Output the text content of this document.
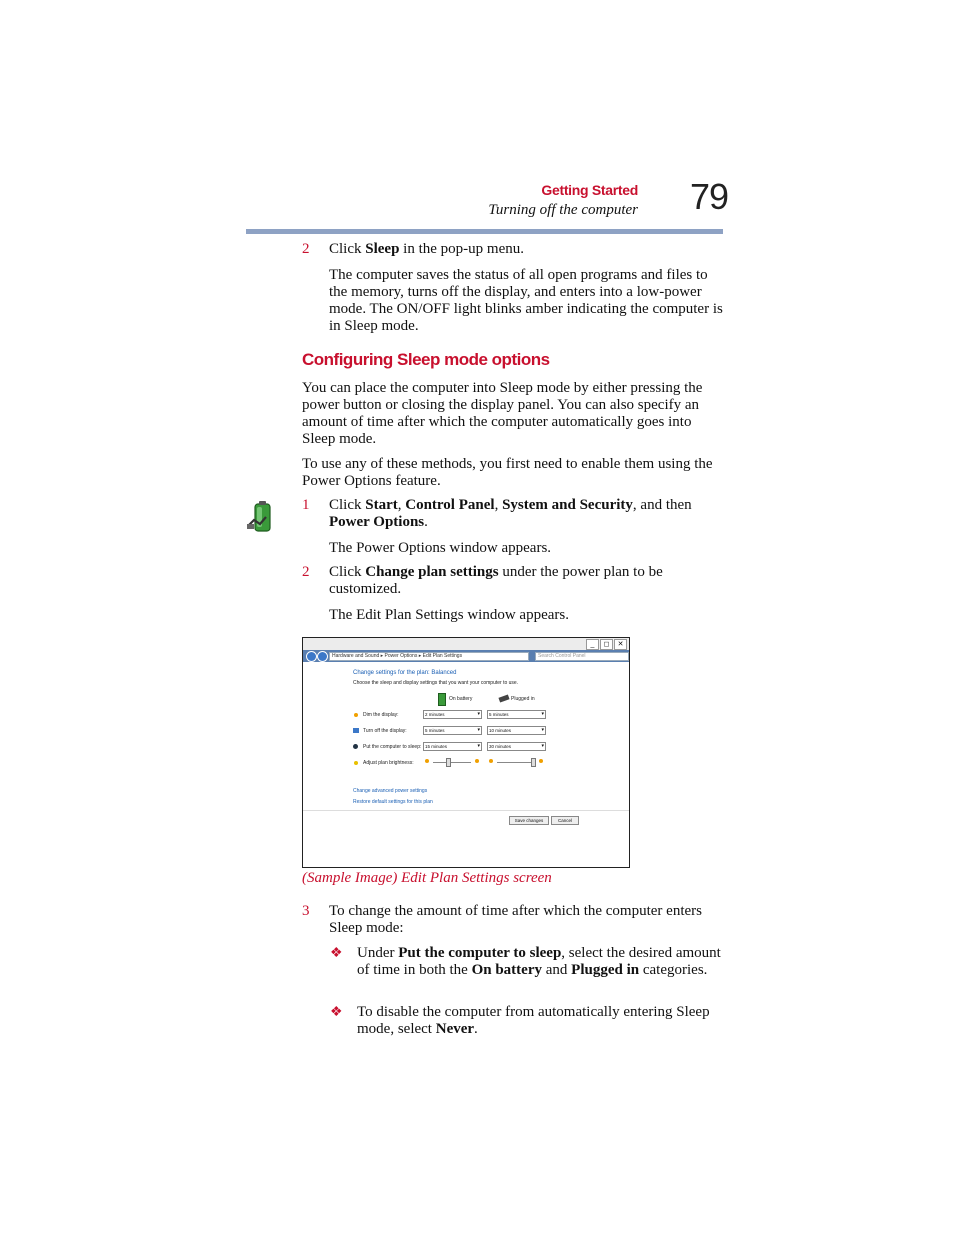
Getting Started
Turning off the computer 79
2 Click Sleep in the pop-up menu.
The computer saves the status of all open programs and files to the memory, turns off the display, and enters into a low-power mode. The ON/OFF light blinks amber indicating the computer is in Sleep mode.
Configuring Sleep mode options
You can place the computer into Sleep mode by either pressing the power button or closing the display panel. You can also specify an amount of time after which the computer automatically goes into Sleep mode.
To use any of these methods, you first need to enable them using the Power Options feature.
1 Click Start, Control Panel, System and Security, and then
Power Options.
The Power Options window appears.
2 Click Change plan settings under the power plan to be customized.
The Edit Plan Settings window appears.
_	◻	✕
Hardware and Sound ▸ Power Options ▸ Edit Plan Settings	Search Control Panel
Change settings for the plan: Balanced
Choose the sleep and display settings that you want your computer to use.
On battery	Plugged in
Dim the display:	2 minutes ▾	5 minutes ▾
Turn off the display:	5 minutes ▾	10 minutes ▾
Put the computer to sleep: 15 minutes ▾	30 minutes ▾
Adjust plan brightness:
Change advanced power settings
Restore default settings for this plan
Save changes	Cancel
(Sample Image) Edit Plan Settings screen
3 To change the amount of time after which the computer enters Sleep mode:
❖ Under Put the computer to sleep, select the desired amount of time in both the On battery and Plugged in categories.
❖ To disable the computer from automatically entering Sleep mode, select Never.
